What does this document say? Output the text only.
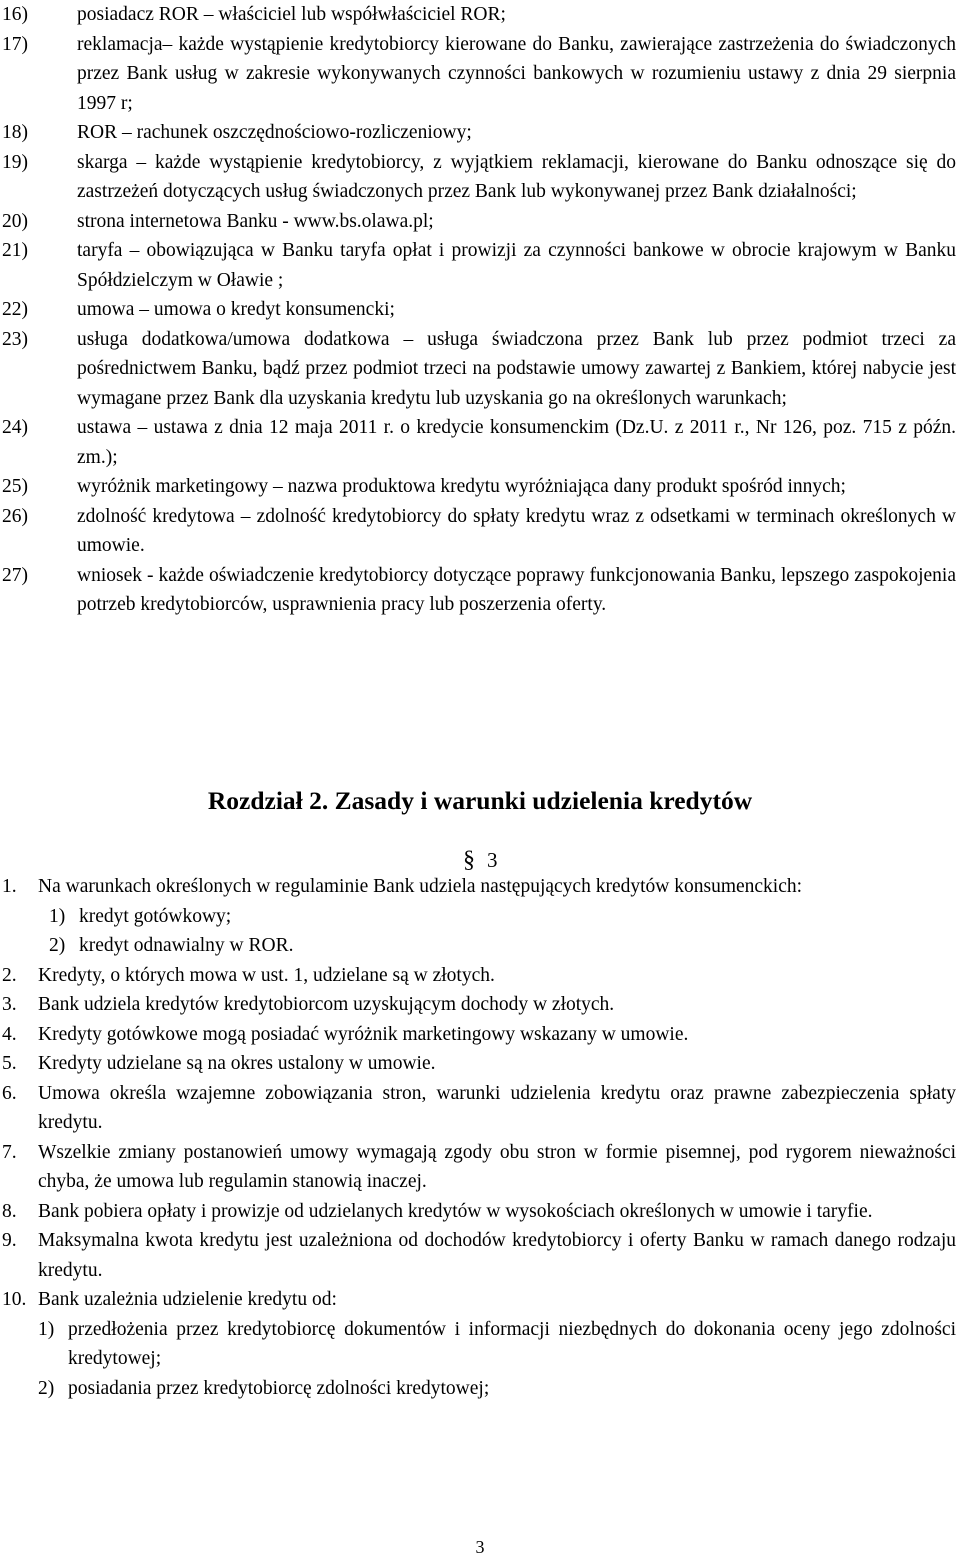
16)	posiadacz ROR – właściciel lub współwłaściciel ROR;
17)	reklamacja– każde wystąpienie kredytobiorcy kierowane do Banku, zawierające zastrzeżenia do świadczonych przez Bank usług w zakresie wykonywanych czynności bankowych w rozumieniu ustawy z dnia 29 sierpnia 1997 r;
18)	ROR – rachunek oszczędnościowo-rozliczeniowy;
19)	skarga – każde wystąpienie kredytobiorcy, z wyjątkiem reklamacji, kierowane do Banku odnoszące się do zastrzeżeń dotyczących usług świadczonych przez Bank lub wykonywanej przez Bank działalności;
20)	strona internetowa Banku - www.bs.olawa.pl;
21)	taryfa – obowiązująca w Banku taryfa opłat i prowizji za czynności bankowe w obrocie krajowym w Banku Spółdzielczym w Oławie ;
22)	umowa – umowa o kredyt konsumencki;
23)	usługa dodatkowa/umowa dodatkowa – usługa świadczona przez Bank lub przez podmiot trzeci za pośrednictwem Banku, bądź przez podmiot trzeci na podstawie umowy zawartej z Bankiem, której nabycie jest wymagane przez Bank dla uzyskania kredytu lub uzyskania go na określonych warunkach;
24)	ustawa – ustawa z dnia 12 maja 2011 r. o kredycie konsumenckim (Dz.U. z 2011 r., Nr 126, poz. 715 z późn. zm.);
25)	wyróżnik marketingowy – nazwa produktowa kredytu wyróżniająca dany produkt spośród innych;
26)	zdolność kredytowa – zdolność kredytobiorcy do spłaty kredytu wraz z odsetkami w terminach określonych w umowie.
27)	wniosek - każde oświadczenie kredytobiorcy dotyczące poprawy funkcjonowania Banku, lepszego zaspokojenia potrzeb kredytobiorców, usprawnienia pracy lub poszerzenia oferty.
Rozdział 2. Zasady i warunki udzielenia kredytów
§ 3
1.	Na warunkach określonych w regulaminie Bank udziela następujących kredytów konsumenckich:
1) kredyt gotówkowy;
2) kredyt odnawialny w ROR.
2.	Kredyty, o których mowa w ust. 1, udzielane są w złotych.
3.	Bank udziela kredytów kredytobiorcom uzyskującym dochody w złotych.
4.	Kredyty gotówkowe mogą posiadać wyróżnik marketingowy wskazany w umowie.
5.	Kredyty udzielane są na okres ustalony w umowie.
6.	Umowa określa wzajemne zobowiązania stron, warunki udzielenia kredytu oraz prawne zabezpieczenia spłaty kredytu.
7.	Wszelkie zmiany postanowień umowy wymagają zgody obu stron w formie pisemnej, pod rygorem nieważności chyba, że umowa lub regulamin stanowią inaczej.
8.	Bank pobiera opłaty i prowizje od udzielanych kredytów w wysokościach określonych w umowie i taryfie.
9.	Maksymalna kwota kredytu jest uzależniona od dochodów kredytobiorcy i oferty Banku w ramach danego rodzaju kredytu.
10. Bank uzależnia udzielenie kredytu od:
1) przedłożenia przez kredytobiorcę dokumentów i informacji niezbędnych do dokonania oceny jego zdolności kredytowej;
2) posiadania przez kredytobiorcę zdolności kredytowej;
3
